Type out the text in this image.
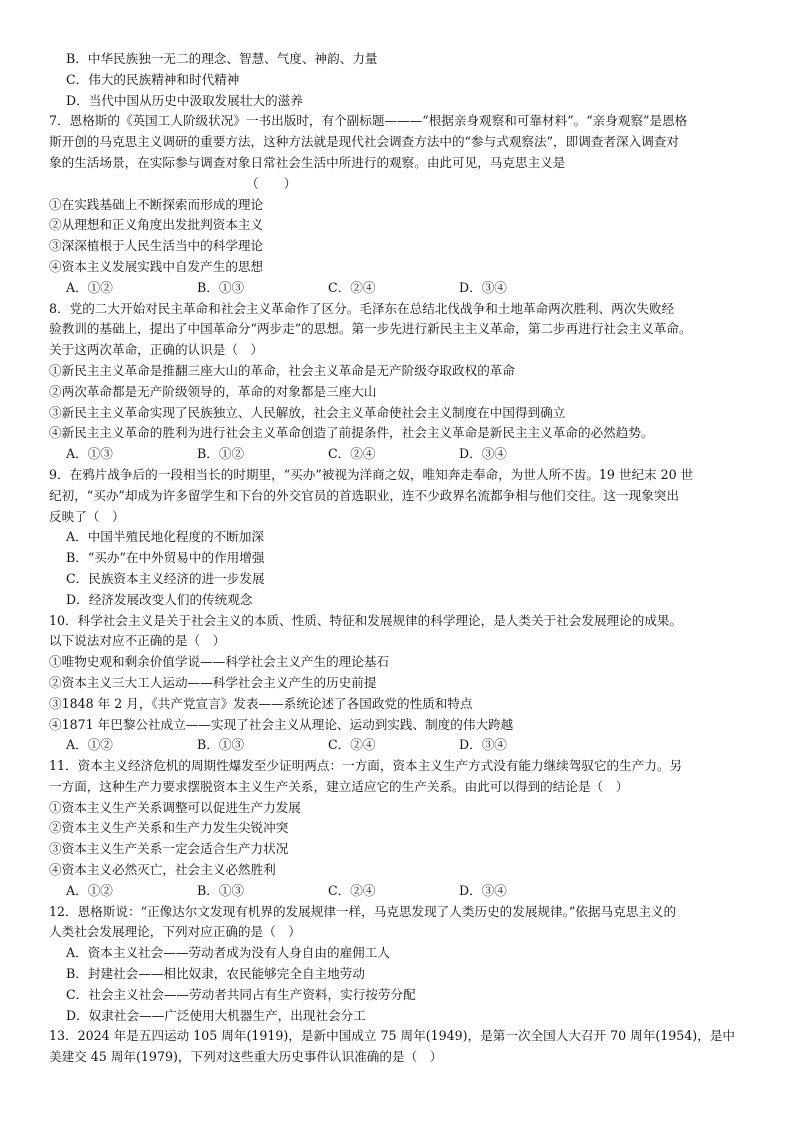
B．中华民族独一无二的理念、智慧、气度、神韵、力量
C．伟大的民族精神和时代精神
D．当代中国从历史中汲取发展壮大的滋养
7．恩格斯的《英国工人阶级状况》一书出版时，有个副标题———“根据亲身观察和可靠材料”。“亲身观察”是恩格
斯开创的马克思主义调研的重要方法，这种方法就是现代社会调查方法中的“参与式观察法”，即调查者深入调查对
象的生活场景，在实际参与调查对象日常社会生活中所进行的观察。由此可见，马克思主义是
（　　）
①在实践基础上不断探索而形成的理论
②从理想和正义角度出发批判资本主义
③深深植根于人民生活当中的科学理论
④资本主义发展实践中自发产生的思想
A．①②	B．①③	C．②④	D．③④
8．党的二大开始对民主革命和社会主义革命作了区分。毛泽东在总结北伐战争和土地革命两次胜利、两次失败经
验教训的基础上，提出了中国革命分“两步走”的思想。第一步先进行新民主主义革命，第二步再进行社会主义革命。
关于这两次革命，正确的认识是（　）
①新民主主义革命是推翻三座大山的革命，社会主义革命是无产阶级夺取政权的革命
②两次革命都是无产阶级领导的，革命的对象都是三座大山
③新民主主义革命实现了民族独立、人民解放，社会主义革命使社会主义制度在中国得到确立
④新民主主义革命的胜利为进行社会主义革命创造了前提条件，社会主义革命是新民主主义革命的必然趋势。
A．①③	B．①②	C．②④	D．③④
9．在鸦片战争后的一段相当长的时期里，“买办”被视为洋商之奴，唯知奔走奉命，为世人所不齿。19 世纪末 20 世
纪初，“买办”却成为许多留学生和下台的外交官员的首选职业，连不少政界名流都争相与他们交往。这一现象突出
反映了（　）
A．中国半殖民地化程度的不断加深
B．“买办”在中外贸易中的作用增强
C．民族资本主义经济的进一步发展
D．经济发展改变人们的传统观念
10．科学社会主义是关于社会主义的本质、性质、特征和发展规律的科学理论，是人类关于社会发展理论的成果。
以下说法对应不正确的是（　）
①唯物史观和剩余价值学说——科学社会主义产生的理论基石
②资本主义三大工人运动——科学社会主义产生的历史前提
③1848 年 2 月，《共产党宣言》发表——系统论述了各国政党的性质和特点
④1871 年巴黎公社成立——实现了社会主义从理论、运动到实践、制度的伟大跨越
A．①②	B．①③	C．②④	D．③④
11．资本主义经济危机的周期性爆发至少证明两点：一方面，资本主义生产方式没有能力继续驾驭它的生产力。另
一方面，这种生产力要求摆脱资本主义生产关系，建立适应它的生产关系。由此可以得到的结论是（　）
①资本主义生产关系调整可以促进生产力发展
②资本主义生产关系和生产力发生尖锐冲突
③资本主义生产关系一定会适合生产力状况
④资本主义必然灭亡，社会主义必然胜利
A．①②	B．①③	C．②④	D．③④
12．恩格斯说：“正像达尔文发现有机界的发展规律一样，马克思发现了人类历史的发展规律。”依据马克思主义的
人类社会发展理论，下列对应正确的是（　）
A．资本主义社会——劳动者成为没有人身自由的雇佣工人
B．封建社会——相比奴隶，农民能够完全自主地劳动
C．社会主义社会——劳动者共同占有生产资料，实行按劳分配
D．奴隶社会——广泛使用大机器生产，出现社会分工
13．2024 年是五四运动 105 周年(1919)，是新中国成立 75 周年(1949)，是第一次全国人大召开 70 周年(1954)，是中
美建交 45 周年(1979)，下列对这些重大历史事件认识准确的是（　）
